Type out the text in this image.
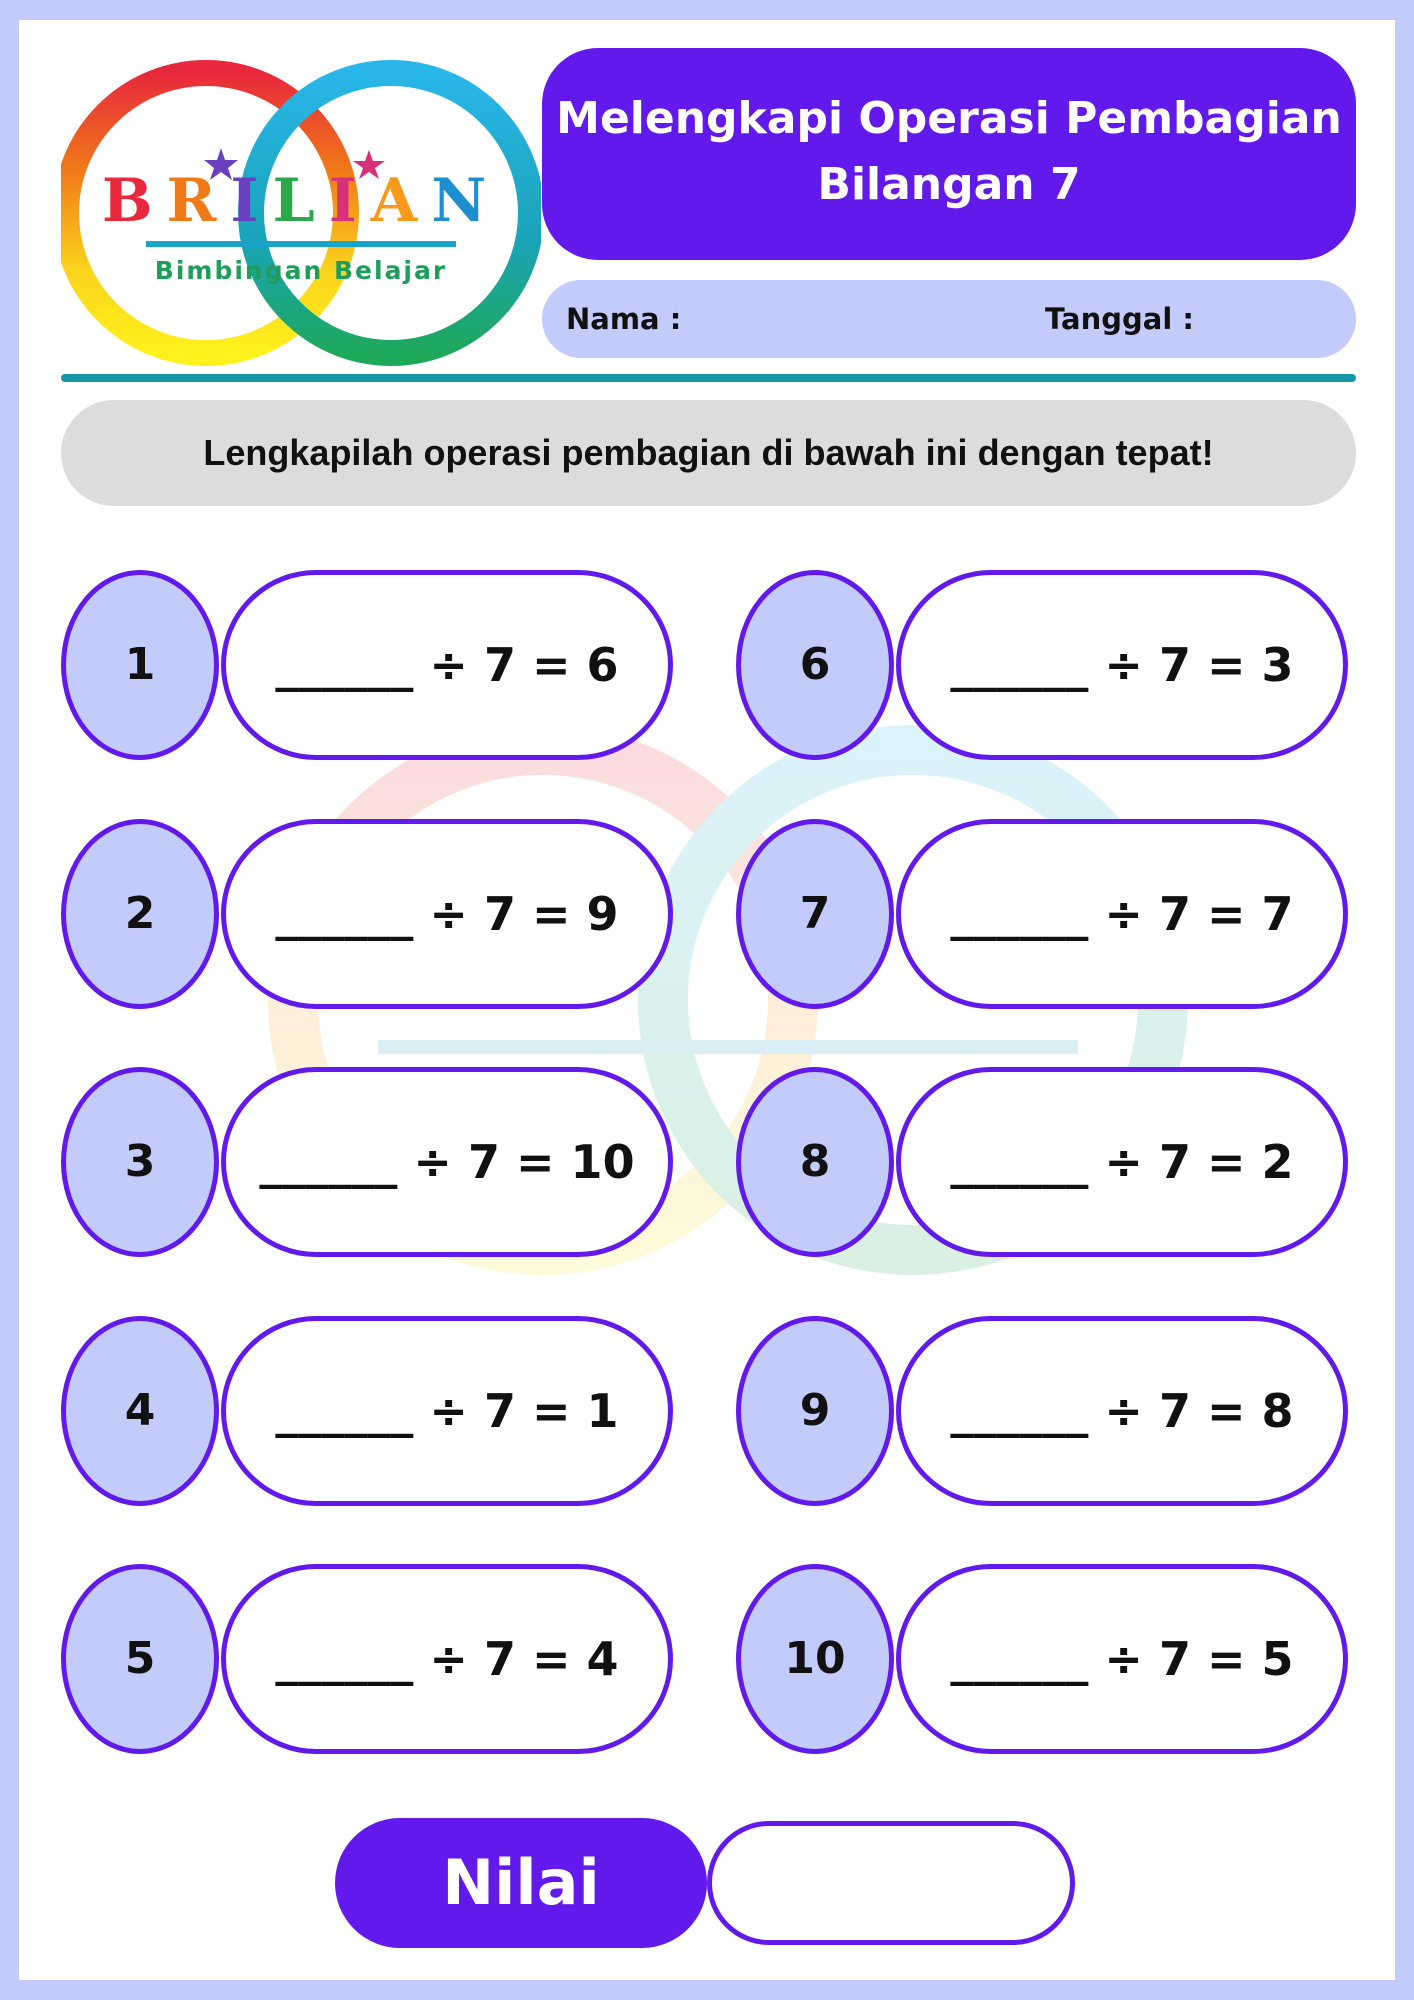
BRILIAN
Bimbingan Belajar
Melengkapi Operasi Pembagian
Bilangan 7
Nama :	Tanggal :
Lengkapilah operasi pembagian di bawah ini dengan tepat!
1	______ ÷ 7 = 6
2	______ ÷ 7 = 9
3	______ ÷ 7 = 10
4	______ ÷ 7 = 1
5	______ ÷ 7 = 4
6	______ ÷ 7 = 3
7	______ ÷ 7 = 7
8	______ ÷ 7 = 2
9	______ ÷ 7 = 8
10	______ ÷ 7 = 5
Nilai
